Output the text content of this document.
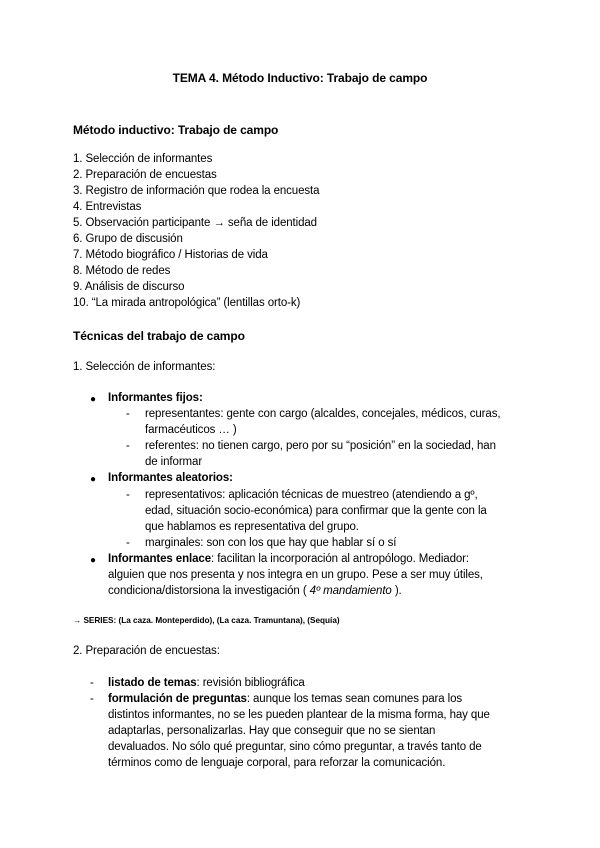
TEMA 4. Método Inductivo: Trabajo de campo
Método inductivo: Trabajo de campo
1. Selección de informantes
2. Preparación de encuestas
3. Registro de información que rodea la encuesta
4. Entrevistas
5. Observación participante → seña de identidad
6. Grupo de discusión
7. Método biográfico / Historias de vida
8. Método de redes
9. Análisis de discurso
10. “La mirada antropológica” (lentillas orto-k)
Técnicas del trabajo de campo
1. Selección de informantes:
● Informantes fijos:
- representantes: gente con cargo (alcaldes, concejales, médicos, curas,
farmacéuticos … )
- referentes: no tienen cargo, pero por su “posición” en la sociedad, han
de informar
● Informantes aleatorios:
- representativos: aplicación técnicas de muestreo (atendiendo a gº,
edad, situación socio-económica) para confirmar que la gente con la
que hablamos es representativa del grupo.
- marginales: son con los que hay que hablar sí o sí
● Informantes enlace: facilitan la incorporación al antropólogo. Mediador:
alguien que nos presenta y nos integra en un grupo. Pese a ser muy útiles,
condiciona/distorsiona la investigación ( 4º mandamiento ).
→ SERIES: (La caza. Monteperdido), (La caza. Tramuntana), (Sequía)
2. Preparación de encuestas:
- listado de temas: revisión bibliográfica
- formulación de preguntas: aunque los temas sean comunes para los
distintos informantes, no se les pueden plantear de la misma forma, hay que
adaptarlas, personalizarlas. Hay que conseguir que no se sientan
devaluados. No sólo qué preguntar, sino cómo preguntar, a través tanto de
términos como de lenguaje corporal, para reforzar la comunicación.
